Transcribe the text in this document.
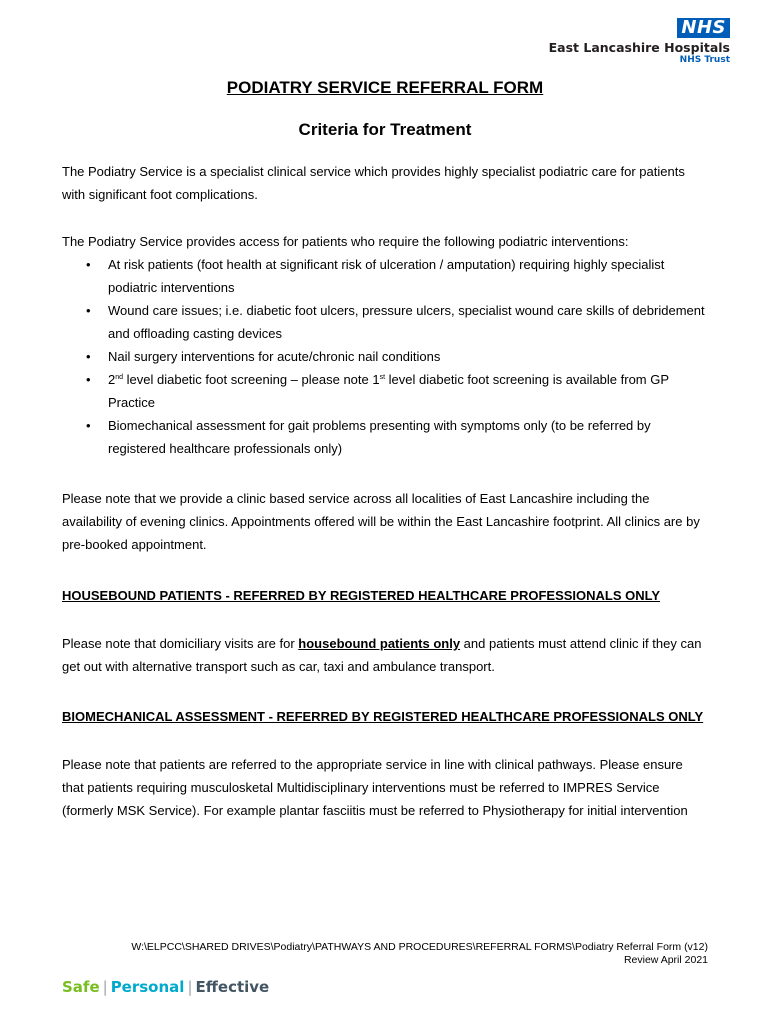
NHS
East Lancashire Hospitals
NHS Trust

PODIATRY SERVICE REFERRAL FORM

Criteria for Treatment

The Podiatry Service is a specialist clinical service which provides highly specialist podiatric care for patients with significant foot complications.

The Podiatry Service provides access for patients who require the following podiatric interventions:

• At risk patients (foot health at significant risk of ulceration / amputation) requiring highly specialist podiatric interventions
• Wound care issues; i.e. diabetic foot ulcers, pressure ulcers, specialist wound care skills of debridement and offloading casting devices
• Nail surgery interventions for acute/chronic nail conditions
• 2nd level diabetic foot screening – please note 1st level diabetic foot screening is available from GP Practice
• Biomechanical assessment for gait problems presenting with symptoms only (to be referred by registered healthcare professionals only)

Please note that we provide a clinic based service across all localities of East Lancashire including the availability of evening clinics. Appointments offered will be within the East Lancashire footprint. All clinics are by pre-booked appointment.

HOUSEBOUND PATIENTS - REFERRED BY REGISTERED HEALTHCARE PROFESSIONALS ONLY

Please note that domiciliary visits are for housebound patients only and patients must attend clinic if they can get out with alternative transport such as car, taxi and ambulance transport.

BIOMECHANICAL ASSESSMENT - REFERRED BY REGISTERED HEALTHCARE PROFESSIONALS ONLY

Please note that patients are referred to the appropriate service in line with clinical pathways. Please ensure that patients requiring musculosketal Multidisciplinary interventions must be referred to IMPRES Service (formerly MSK Service). For example plantar fasciitis must be referred to Physiotherapy for initial intervention

W:\ELPCC\SHARED DRIVES\Podiatry\PATHWAYS AND PROCEDURES\REFERRAL FORMS\Podiatry Referral Form (v12)
Review April 2021
Safe | Personal | Effective
